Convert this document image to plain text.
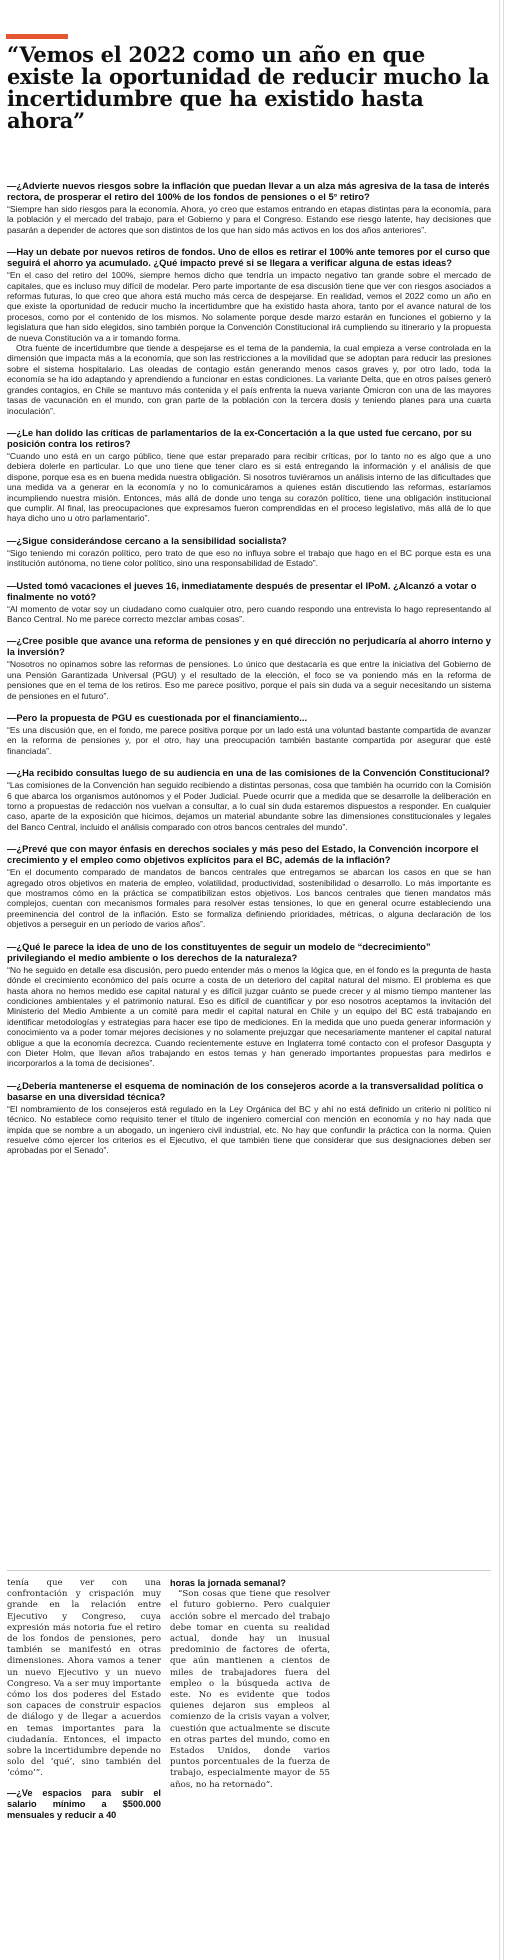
“Vemos el 2022 como un año en que existe la oportunidad de reducir mucho la incertidumbre que ha existido hasta ahora”

—¿Advierte nuevos riesgos sobre la inflación que puedan llevar a un alza más agresiva de la tasa de interés rectora, de prosperar el retiro del 100% de los fondos de pensiones o el 5° retiro?

“Siempre han sido riesgos para la economía. Ahora, yo creo que estamos entrando en etapas distintas para la economía, para la población y el mercado del trabajo, para el Gobierno y para el Congreso. Estando ese riesgo latente, hay decisiones que pasarán a depender de actores que son distintos de los que han sido más activos en los dos años anteriores”.

—Hay un debate por nuevos retiros de fondos. Uno de ellos es retirar el 100% ante temores por el curso que seguirá el ahorro ya acumulado. ¿Qué impacto prevé si se llegara a verificar alguna de estas ideas?

“En el caso del retiro del 100%, siempre hemos dicho que tendría un impacto negativo tan grande sobre el mercado de capitales, que es incluso muy difícil de modelar. Pero parte importante de esa discusión tiene que ver con riesgos asociados a reformas futuras, lo que creo que ahora está mucho más cerca de despejarse. En realidad, vemos el 2022 como un año en que existe la oportunidad de reducir mucho la incertidumbre que ha existido hasta ahora, tanto por el avance natural de los procesos, como por el contenido de los mismos. No solamente porque desde marzo estarán en funciones el gobierno y la legislatura que han sido elegidos, sino también porque la Convención Constitucional irá cumpliendo su itinerario y la propuesta de nueva Constitución va a ir tomando forma.

Otra fuente de incertidumbre que tiende a despejarse es el tema de la pandemia, la cual empieza a verse controlada en la dimensión que impacta más a la economía, que son las restricciones a la movilidad que se adoptan para reducir las presiones sobre el sistema hospitalario. Las oleadas de contagio están generando menos casos graves y, por otro lado, toda la economía se ha ido adaptando y aprendiendo a funcionar en estas condiciones. La variante Delta, que en otros países generó grandes contagios, en Chile se mantuvo más contenida y el país enfrenta la nueva variante Ómicron con una de las mayores tasas de vacunación en el mundo, con gran parte de la población con la tercera dosis y teniendo planes para una cuarta inoculación”.

—¿Le han dolido las críticas de parlamentarios de la ex-Concertación a la que usted fue cercano, por su posición contra los retiros?

“Cuando uno está en un cargo público, tiene que estar preparado para recibir críticas, por lo tanto no es algo que a uno debiera dolerle en particular. Lo que uno tiene que tener claro es si está entregando la información y el análisis de que dispone, porque esa es en buena medida nuestra obligación. Si nosotros tuviéramos un análisis interno de las dificultades que una medida va a generar en la economía y no lo comunicáramos a quienes están discutiendo las reformas, estaríamos incumpliendo nuestra misión. Entonces, más allá de donde uno tenga su corazón político, tiene una obligación institucional que cumplir. Al final, las preocupaciones que expresamos fueron comprendidas en el proceso legislativo, más allá de lo que haya dicho uno u otro parlamentario”.

—¿Sigue considerándose cercano a la sensibilidad socialista?

“Sigo teniendo mi corazón político, pero trato de que eso no influya sobre el trabajo que hago en el BC porque esta es una institución autónoma, no tiene color político, sino una responsabilidad de Estado”.

—Usted tomó vacaciones el jueves 16, inmediatamente después de presentar el IPoM. ¿Alcanzó a votar o finalmente no votó?

“Al momento de votar soy un ciudadano como cualquier otro, pero cuando respondo una entrevista lo hago representando al Banco Central. No me parece correcto mezclar ambas cosas”.

—¿Cree posible que avance una reforma de pensiones y en qué dirección no perjudicaría al ahorro interno y la inversión?

“Nosotros no opinamos sobre las reformas de pensiones. Lo único que destacaría es que entre la iniciativa del Gobierno de una Pensión Garantizada Universal (PGU) y el resultado de la elección, el foco se va poniendo más en la reforma de pensiones que en el tema de los retiros. Eso me parece positivo, porque el país sin duda va a seguir necesitando un sistema de pensiones en el futuro”.

—Pero la propuesta de PGU es cuestionada por el financiamiento...

“Es una discusión que, en el fondo, me parece positiva porque por un lado está una voluntad bastante compartida de avanzar en la reforma de pensiones y, por el otro, hay una preocupación también bastante compartida por asegurar que esté financiada”.

—¿Ha recibido consultas luego de su audiencia en una de las comisiones de la Convención Constitucional?

“Las comisiones de la Convención han seguido recibiendo a distintas personas, cosa que también ha ocurrido con la Comisión 6 que abarca los organismos autónomos y el Poder Judicial. Puede ocurrir que a medida que se desarrolle la deliberación en torno a propuestas de redacción nos vuelvan a consultar, a lo cual sin duda estaremos dispuestos a responder. En cualquier caso, aparte de la exposición que hicimos, dejamos un material abundante sobre las dimensiones constitucionales y legales del Banco Central, incluido el análisis comparado con otros bancos centrales del mundo”.

—¿Prevé que con mayor énfasis en derechos sociales y más peso del Estado, la Convención incorpore el crecimiento y el empleo como objetivos explícitos para el BC, además de la inflación?

“En el documento comparado de mandatos de bancos centrales que entregamos se abarcan los casos en que se han agregado otros objetivos en materia de empleo, volatilidad, productividad, sostenibilidad o desarrollo. Lo más importante es que mostramos cómo en la práctica se compatibilizan estos objetivos. Los bancos centrales que tienen mandatos más complejos, cuentan con mecanismos formales para resolver estas tensiones, lo que en general ocurre estableciendo una preeminencia del control de la inflación. Esto se formaliza definiendo prioridades, métricas, o alguna declaración de los objetivos a perseguir en un período de varios años”.

—¿Qué le parece la idea de uno de los constituyentes de seguir un modelo de “decrecimiento” privilegiando el medio ambiente o los derechos de la naturaleza?

“No he seguido en detalle esa discusión, pero puedo entender más o menos la lógica que, en el fondo es la pregunta de hasta dónde el crecimiento económico del país ocurre a costa de un deterioro del capital natural del mismo. El problema es que hasta ahora no hemos medido ese capital natural y es difícil juzgar cuánto se puede crecer y al mismo tiempo mantener las condiciones ambientales y el patrimonio natural. Eso es difícil de cuantificar y por eso nosotros aceptamos la invitación del Ministerio del Medio Ambiente a un comité para medir el capital natural en Chile y un equipo del BC está trabajando en identificar metodologías y estrategias para hacer ese tipo de mediciones. En la medida que uno pueda generar información y conocimiento va a poder tomar mejores decisiones y no solamente prejuzgar que necesariamente mantener el capital natural obligue a que la economía decrezca. Cuando recientemente estuve en Inglaterra tomé contacto con el profesor Dasgupta y con Dieter Holm, que llevan años trabajando en estos temas y han generado importantes propuestas para medirlos e incorporarlos a la toma de decisiones”.

—¿Debería mantenerse el esquema de nominación de los consejeros acorde a la transversalidad política o basarse en una diversidad técnica?

“El nombramiento de los consejeros está regulado en la Ley Orgánica del BC y ahí no está definido un criterio ni político ni técnico. No establece como requisito tener el título de ingeniero comercial con mención en economía y no hay nada que impida que se nombre a un abogado, un ingeniero civil industrial, etc. No hay que confundir la práctica con la norma. Quien resuelve cómo ejercer los criterios es el Ejecutivo, el que también tiene que considerar que sus designaciones deben ser aprobadas por el Senado”.

tenía que ver con una confrontación y crispación muy grande en la relación entre Ejecutivo y Congreso, cuya expresión más notoria fue el retiro de los fondos de pensiones, pero también se manifestó en otras dimensiones. Ahora vamos a tener un nuevo Ejecutivo y un nuevo Congreso. Va a ser muy importante cómo los dos poderes del Estado son capaces de construir espacios de diálogo y de llegar a acuerdos en temas importantes para la ciudadanía. Entonces, el impacto sobre la incertidumbre depende no solo del ‘qué’, sino también del ‘cómo’”.

—¿Ve espacios para subir el salario mínimo a $500.000 mensuales y reducir a 40

horas la jornada semanal?

“Son cosas que tiene que resolver el futuro gobierno. Pero cualquier acción sobre el mercado del trabajo debe tomar en cuenta su realidad actual, donde hay un inusual predominio de factores de oferta, que aún mantienen a cientos de miles de trabajadores fuera del empleo o la búsqueda activa de este. No es evidente que todos quienes dejaron sus empleos al comienzo de la crisis vayan a volver, cuestión que actualmente se discute en otras partes del mundo, como en Estados Unidos, donde varios puntos porcentuales de la fuerza de trabajo, especialmente mayor de 55 años, no ha retornado”.
